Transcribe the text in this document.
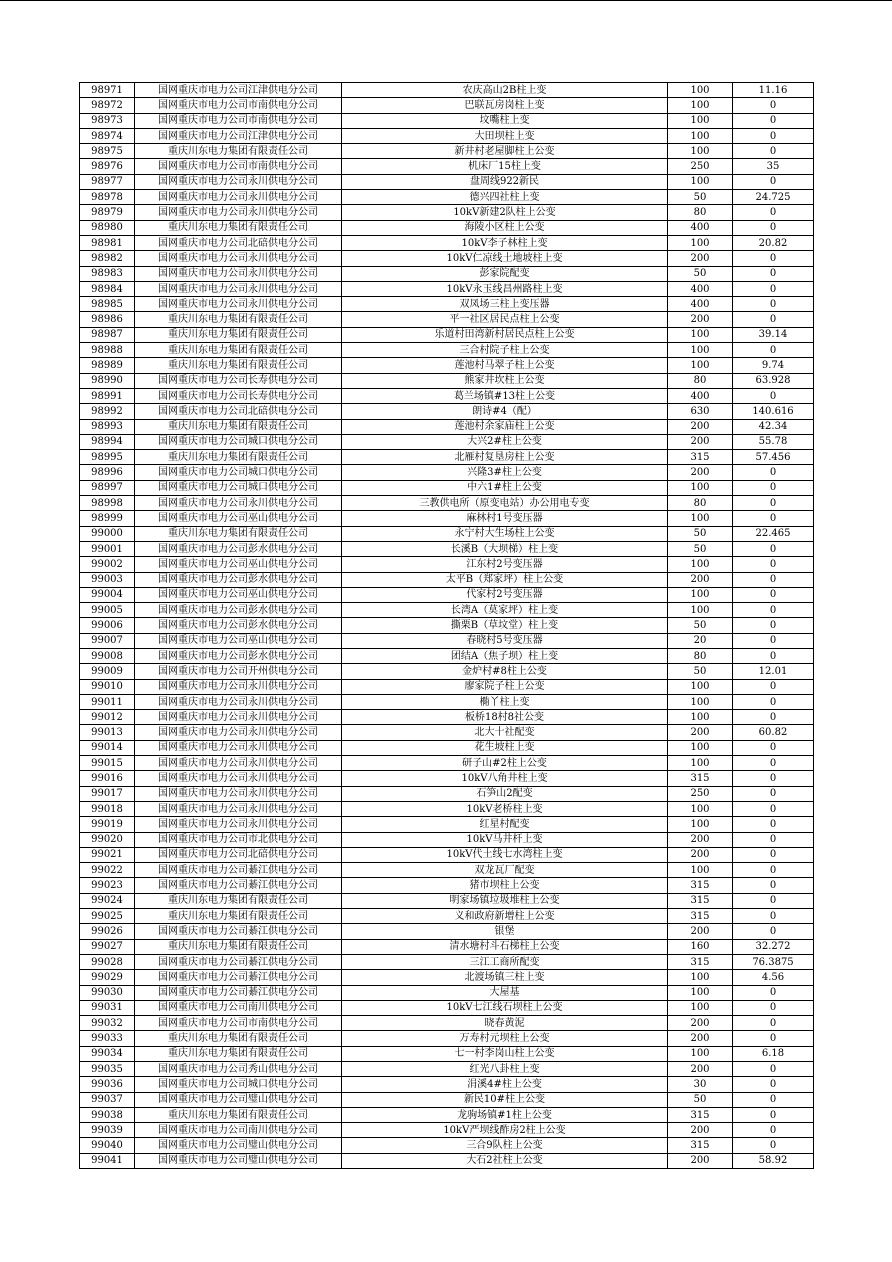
98971	国网重庆市电力公司江津供电分公司	农庆高山2B柱上变	100	11.16
98972	国网重庆市电力公司市南供电分公司	巴联瓦房岗柱上变	100	0
98973	国网重庆市电力公司市南供电分公司	坟嘴柱上变	100	0
98974	国网重庆市电力公司江津供电分公司	大田坝柱上变	100	0
98975	重庆川东电力集团有限责任公司	新井村老屋脚柱上公变	100	0
98976	国网重庆市电力公司市南供电分公司	机床厂15柱上变	250	35
98977	国网重庆市电力公司永川供电分公司	盘周线922新民	100	0
98978	国网重庆市电力公司永川供电分公司	德兴四社柱上变	50	24.725
98979	国网重庆市电力公司永川供电分公司	10kV新建2队柱上公变	80	0
98980	重庆川东电力集团有限责任公司	海陵小区柱上公变	400	0
98981	国网重庆市电力公司北碚供电分公司	10kV李子林柱上变	100	20.82
98982	国网重庆市电力公司永川供电分公司	10kV仁凉线土地坡柱上变	200	0
98983	国网重庆市电力公司永川供电分公司	彭家院配变	50	0
98984	国网重庆市电力公司永川供电分公司	10kV永玉线昌州路柱上变	400	0
98985	国网重庆市电力公司永川供电分公司	双凤场三柱上变压器	400	0
98986	重庆川东电力集团有限责任公司	平一社区居民点柱上公变	200	0
98987	重庆川东电力集团有限责任公司	乐道村田湾新村居民点柱上公变	100	39.14
98988	重庆川东电力集团有限责任公司	三合村院子柱上公变	100	0
98989	重庆川东电力集团有限责任公司	莲池村马翠子柱上公变	100	9.74
98990	国网重庆市电力公司长寿供电分公司	熊家井坎柱上公变	80	63.928
98991	国网重庆市电力公司长寿供电分公司	葛兰场镇#13柱上公变	400	0
98992	国网重庆市电力公司北碚供电分公司	朗诗#4（配）	630	140.616
98993	重庆川东电力集团有限责任公司	莲池村余家庙柱上公变	200	42.34
98994	国网重庆市电力公司城口供电分公司	大兴2#柱上公变	200	55.78
98995	重庆川东电力集团有限责任公司	北雁村复垦房柱上公变	315	57.456
98996	国网重庆市电力公司城口供电分公司	兴隆3#柱上公变	200	0
98997	国网重庆市电力公司城口供电分公司	中六1#柱上公变	100	0
98998	国网重庆市电力公司永川供电分公司	三教供电所（原变电站）办公用电专变	80	0
98999	国网重庆市电力公司巫山供电分公司	麻林村1号变压器	100	0
99000	重庆川东电力集团有限责任公司	永宁村大生场柱上公变	50	22.465
99001	国网重庆市电力公司彭水供电分公司	长溪B（大坝梯）柱上变	50	0
99002	国网重庆市电力公司巫山供电分公司	江东村2号变压器	100	0
99003	国网重庆市电力公司彭水供电分公司	太平B（郑家坪）柱上公变	200	0
99004	国网重庆市电力公司巫山供电分公司	代家村2号变压器	100	0
99005	国网重庆市电力公司彭水供电分公司	长湾A（莫家坪）柱上变	100	0
99006	国网重庆市电力公司彭水供电分公司	撕栗B（草坟堂）柱上变	50	0
99007	国网重庆市电力公司巫山供电分公司	春晓村5号变压器	20	0
99008	国网重庆市电力公司彭水供电分公司	团结A（焦子坝）柱上变	80	0
99009	国网重庆市电力公司开州供电分公司	金炉村#8柱上公变	50	12.01
99010	国网重庆市电力公司永川供电分公司	廖家院子柱上公变	100	0
99011	国网重庆市电力公司永川供电分公司	椭丫柱上变	100	0
99012	国网重庆市电力公司永川供电分公司	板桥18村8社公变	100	0
99013	国网重庆市电力公司永川供电分公司	北大十社配变	200	60.82
99014	国网重庆市电力公司永川供电分公司	花生坡柱上变	100	0
99015	国网重庆市电力公司永川供电分公司	研子山#2柱上公变	100	0
99016	国网重庆市电力公司永川供电分公司	10kV八角井柱上变	315	0
99017	国网重庆市电力公司永川供电分公司	石笋山2配变	250	0
99018	国网重庆市电力公司永川供电分公司	10kV老桥柱上变	100	0
99019	国网重庆市电力公司永川供电分公司	红星村配变	100	0
99020	国网重庆市电力公司市北供电分公司	10kV马井杆上变	200	0
99021	国网重庆市电力公司北碚供电分公司	10kV代土线七水湾柱上变	200	0
99022	国网重庆市电力公司綦江供电分公司	双龙瓦厂配变	100	0
99023	国网重庆市电力公司綦江供电分公司	猪市坝柱上公变	315	0
99024	重庆川东电力集团有限责任公司	明家场镇垃圾堆柱上公变	315	0
99025	重庆川东电力集团有限责任公司	义和政府新增柱上公变	315	0
99026	国网重庆市电力公司綦江供电分公司	银堡	200	0
99027	重庆川东电力集团有限责任公司	清水塘村斗石梯柱上公变	160	32.272
99028	国网重庆市电力公司綦江供电分公司	三江工商所配变	315	76.3875
99029	国网重庆市电力公司綦江供电分公司	北渡场镇三柱上变	100	4.56
99030	国网重庆市电力公司綦江供电分公司	大屋基	100	0
99031	国网重庆市电力公司南川供电分公司	10kV七江线石坝柱上公变	100	0
99032	国网重庆市电力公司市南供电分公司	晓春黄泥	200	0
99033	重庆川东电力集团有限责任公司	万寿村元坝柱上公变	200	0
99034	重庆川东电力集团有限责任公司	七一村李岗山柱上公变	100	6.18
99035	国网重庆市电力公司秀山供电分公司	红光八卦柱上变	200	0
99036	国网重庆市电力公司城口供电分公司	涓溪4#柱上公变	30	0
99037	国网重庆市电力公司璧山供电分公司	新民10#柱上公变	50	0
99038	重庆川东电力集团有限责任公司	龙驹场镇#1柱上公变	315	0
99039	国网重庆市电力公司南川供电分公司	10kV严坝线酢房2柱上公变	200	0
99040	国网重庆市电力公司璧山供电分公司	三合9队柱上公变	315	0
99041	国网重庆市电力公司璧山供电分公司	大石2社柱上公变	200	58.92
